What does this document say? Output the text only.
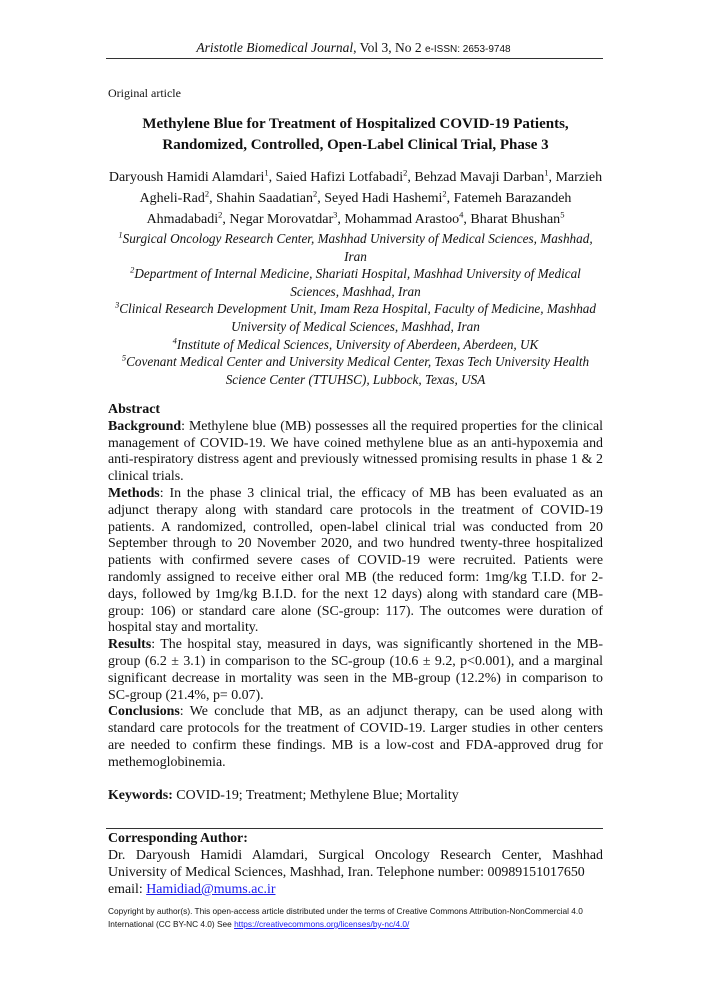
Aristotle Biomedical Journal, Vol 3, No 2 e-ISSN: 2653-9748
Original article
Methylene Blue for Treatment of Hospitalized COVID-19 Patients, Randomized, Controlled, Open-Label Clinical Trial, Phase 3
Daryoush Hamidi Alamdari$^1$, Saied Hafizi Lotfabadi$^2$, Behzad Mavaji Darban$^1$, Marzieh Agheli-Rad$^2$, Shahin Saadatian$^2$, Seyed Hadi Hashemi$^2$, Fatemeh Barazandeh Ahmadabadi$^2$, Negar Morovatdar$^3$, Mohammad Arastoo$^4$, Bharat Bhushan$^5$
$^1$Surgical Oncology Research Center, Mashhad University of Medical Sciences, Mashhad, Iran
$^2$Department of Internal Medicine, Shariati Hospital, Mashhad University of Medical Sciences, Mashhad, Iran
$^3$Clinical Research Development Unit, Imam Reza Hospital, Faculty of Medicine, Mashhad University of Medical Sciences, Mashhad, Iran
$^4$Institute of Medical Sciences, University of Aberdeen, Aberdeen, UK
$^5$Covenant Medical Center and University Medical Center, Texas Tech University Health Science Center (TTUHSC), Lubbock, Texas, USA
Abstract

Background: Methylene blue (MB) possesses all the required properties for the clinical management of COVID-19. We have coined methylene blue as an anti-hypoxemia and anti-respiratory distress agent and previously witnessed promising results in phase 1 & 2 clinical trials.

Methods: In the phase 3 clinical trial, the efficacy of MB has been evaluated as an adjunct therapy along with standard care protocols in the treatment of COVID-19 patients. A randomized, controlled, open-label clinical trial was conducted from 20 September through to 20 November 2020, and two hundred twenty-three hospitalized patients with confirmed severe cases of COVID-19 were recruited. Patients were randomly assigned to receive either oral MB (the reduced form: 1mg/kg T.I.D. for 2-days, followed by 1mg/kg B.I.D. for the next 12 days) along with standard care (MB-group: 106) or standard care alone (SC-group: 117). The outcomes were duration of hospital stay and mortality.

Results: The hospital stay, measured in days, was significantly shortened in the MB-group (6.2 ± 3.1) in comparison to the SC-group (10.6 ± 9.2, p<0.001), and a marginal significant decrease in mortality was seen in the MB-group (12.2%) in comparison to SC-group (21.4%, p= 0.07).

Conclusions: We conclude that MB, as an adjunct therapy, can be used along with standard care protocols for the treatment of COVID-19. Larger studies in other centers are needed to confirm these findings. MB is a low-cost and FDA-approved drug for methemoglobinemia.

Keywords: COVID-19; Treatment; Methylene Blue; Mortality

Corresponding Author:
Dr. Daryoush Hamidi Alamdari, Surgical Oncology Research Center, Mashhad University of Medical Sciences, Mashhad, Iran. Telephone number: 00989151017650
email: Hamidiad@mums.ac.ir
Copyright by author(s). This open-access article distributed under the terms of Creative Commons Attribution-NonCommercial 4.0 International (CC BY-NC 4.0) See https://creativecommons.org/licenses/by-nc/4.0/
